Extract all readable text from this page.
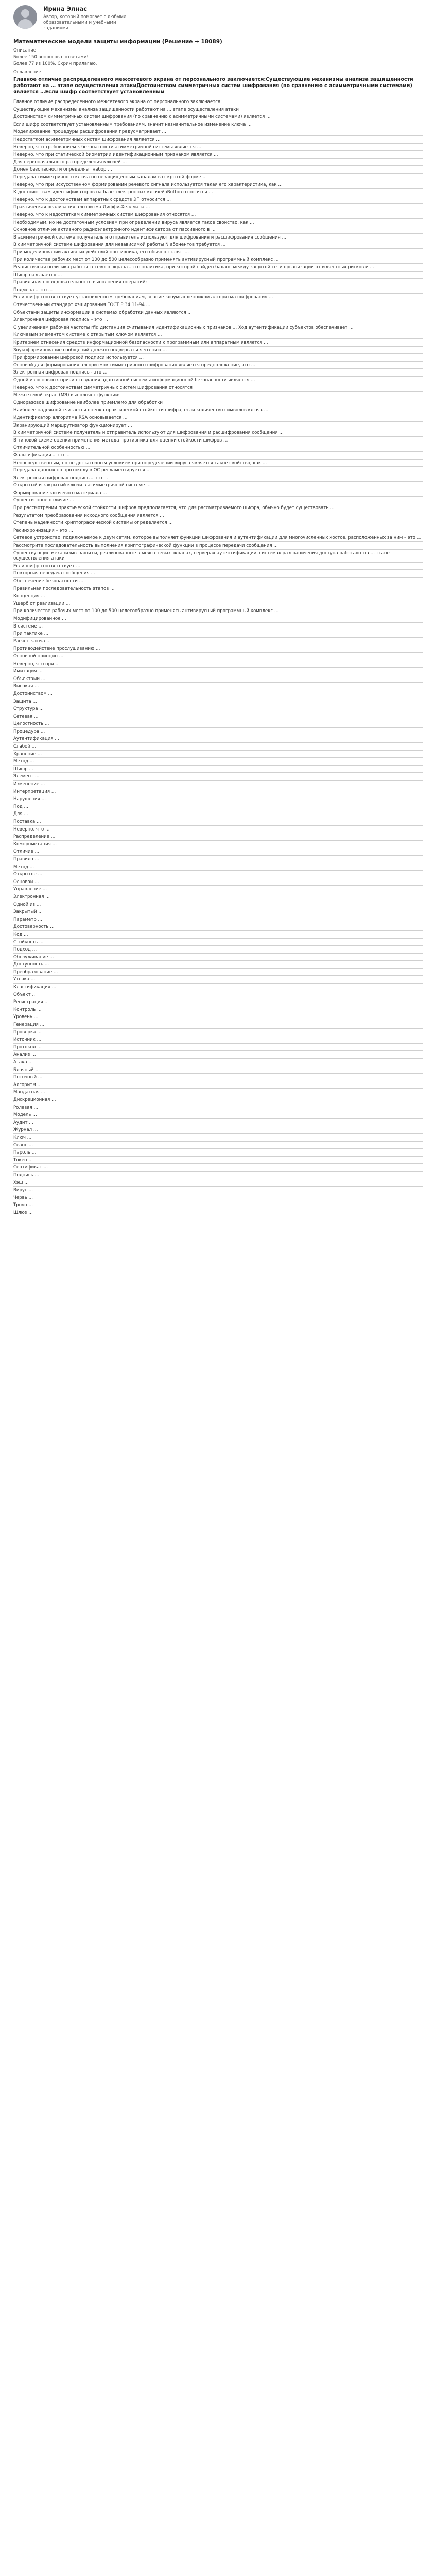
Ирина Элнас
Автор, который помогает с любыми образовательными и учебными заданиями
Математические модели защиты информации (Решение → 18089)
Описание
Более 150 вопросов с ответами!
Более 77 из 100%. Скрин прилагаю.
Оглавление
Главное отличие распределенного межсетевого экрана от персонального заключается:Существующие механизмы анализа защищенности работают на … этапе осуществления атакиДостоинством симметричных систем шифрования (по сравнению с асимметричными системами) является …Если шифр соответствует установленным
Главное отличие распределенного межсетевого экрана от персонального заключается:
Существующие механизмы анализа защищенности работают на … этапе осуществления атаки
Достоинством симметричных систем шифрования (по сравнению с асимметричными системами) является …
Если шифр соответствует установленным требованиям, значит незначительное изменение ключа …
Моделирование процедуры расшифрования предусматривает …
Недостатком асимметричных систем шифрования является …
Неверно, что требованием к безопасности асимметричной системы является …
Неверно, что при статической биометрии идентификационным признаком является …
Для первоначального распределения ключей …
Домен безопасности определяет набор …
Передача симметричного ключа по незащищенным каналам в открытой форме …
Неверно, что при искусственном формировании речевого сигнала используется такая его характеристика, как …
К достоинствам идентификаторов на базе электронных ключей iButton относится …
Неверно, что к достоинствам аппаратных средств ЭП относится …
Практическая реализация алгоритма Диффи-Хеллмана …
Неверно, что к недостаткам симметричных систем шифрования относятся …
Необходимым, но не достаточным условием при определении вируса является такое свойство, как …
Основное отличие активного радиоэлектронного идентификатора от пассивного в …
В асимметричной системе получатель и отправитель используют для шифрования и расшифрования сообщения …
В симметричной системе шифрования для независимой работы N абонентов требуется …
При моделировании активных действий противника, его обычно ставят …
При количестве рабочих мест от 100 до 500 целесообразно применять антивирусный программный комплекс …
Реалистичная политика работы сетевого экрана - это политика, при которой найден баланс между защитой сети организации от известных рисков и …
Шифр называется …
Правильная последовательность выполнения операций:
Подмена – это …
Если шифр соответствует установленным требованиям, знание злоумышленником алгоритма шифрования …
Отечественный стандарт хэширования ГОСТ Р 34.11-94 …
Объектами защиты информации в системах обработки данных являются …
Электронная цифровая подпись – это …
С увеличением рабочей частоты rfid дистанция считывания идентификационных признаков … Ход аутентификации субъектов обеспечивает …
Ключевым элементом системе с открытым ключом является …
Критерием отнесения средств информационной безопасности к программным или аппаратным является …
Звукоформирование сообщений должно подвергаться чтению …
При формировании цифровой подписи используется …
Основой для формирования алгоритмов симметричного шифрования является предположение, что …
Электронная цифровая подпись - это …
Одной из основных причин создания адаптивной системы информационной безопасности является …
Неверно, что к достоинствам симметричных систем шифрования относятся
Межсетевой экран (МЭ) выполняет функции:
Одноразовое шифрование наиболее приемлемо для обработки
Наиболее надежной считается оценка практической стойкости шифра, если количество символов ключа …
Идентификатор алгоритма RSA основывается …
Экранирующий маршрутизатор функционирует …
В симметричной системе получатель и отправитель используют для шифрования и расшифрования сообщения …
В типовой схеме оценки применения метода противника для оценки стойкости шифров …
Отличительной особенностью …
Фальсификация – это …
Непосредственным, но не достаточным условием при определении вируса является такое свойство, как …
Передача данных по протоколу в ОС регламентируется …
Электронная цифровая подпись – это …
Открытый и закрытый ключи в асимметричной системе …
Формирование ключевого материала …
Существенное отличие …
При рассмотрении практической стойкости шифров предполагается, что для рассматриваемого шифра, обычно будет существовать …
Результатом преобразования исходного сообщения является …
Степень надежности криптографической системы определяется …
Ресинхронизация – это …
Сетевое устройство, подключаемое к двум сетям, которое выполняет функции шифрования и аутентификации для многочисленных хостов, расположенных за ним – это …
Рассмотрите последовательность выполнения криптографической функции в процессе передачи сообщения …
Существующие механизмы защиты, реализованные в межсетевых экранах, серверах аутентификации, системах разграничения доступа работают на … этапе осуществления атаки
Если шифр соответствует …
Повторная передача сообщения …
Обеспечение безопасности …
Правильная последовательность этапов …
Концепция …
Ущерб от реализации …
При количестве рабочих мест от 100 до 500 целесообразно применять антивирусный программный комплекс …
Модифицированное …
В системе …
При тактике …
Расчет ключа …
Противодействие прослушиванию …
Основной принцип …
Неверно, что при …
Имитация …
Объектами …
Высокая …
Достоинством …
Защита …
Структура …
Сетевая …
Целостность …
Процедура …
Аутентификация …
Слабой …
Хранение …
Метод …
Шифр …
Элемент …
Изменение …
Интерпретация …
Нарушения …
Под …
Для …
Поставка …
Неверно, что …
Распределение …
Компрометация …
Отличие …
Правило …
Метод …
Открытое …
Основой …
Управление …
Электронная …
Одной из …
Закрытый …
Параметр …
Достоверность …
Код …
Стойкость …
Подход …
Обслуживание …
Доступность …
Преобразование …
Утечка …
Классификация …
Объект …
Регистрация …
Контроль …
Уровень …
Генерация …
Проверка …
Источник …
Протокол …
Анализ …
Атака …
Блочный …
Поточный …
Алгоритм …
Мандатная …
Дискреционная …
Ролевая …
Модель …
Аудит …
Журнал …
Ключ …
Сеанс …
Пароль …
Токен …
Сертификат …
Подпись …
Хэш …
Вирус …
Червь …
Троян …
Шлюз …
